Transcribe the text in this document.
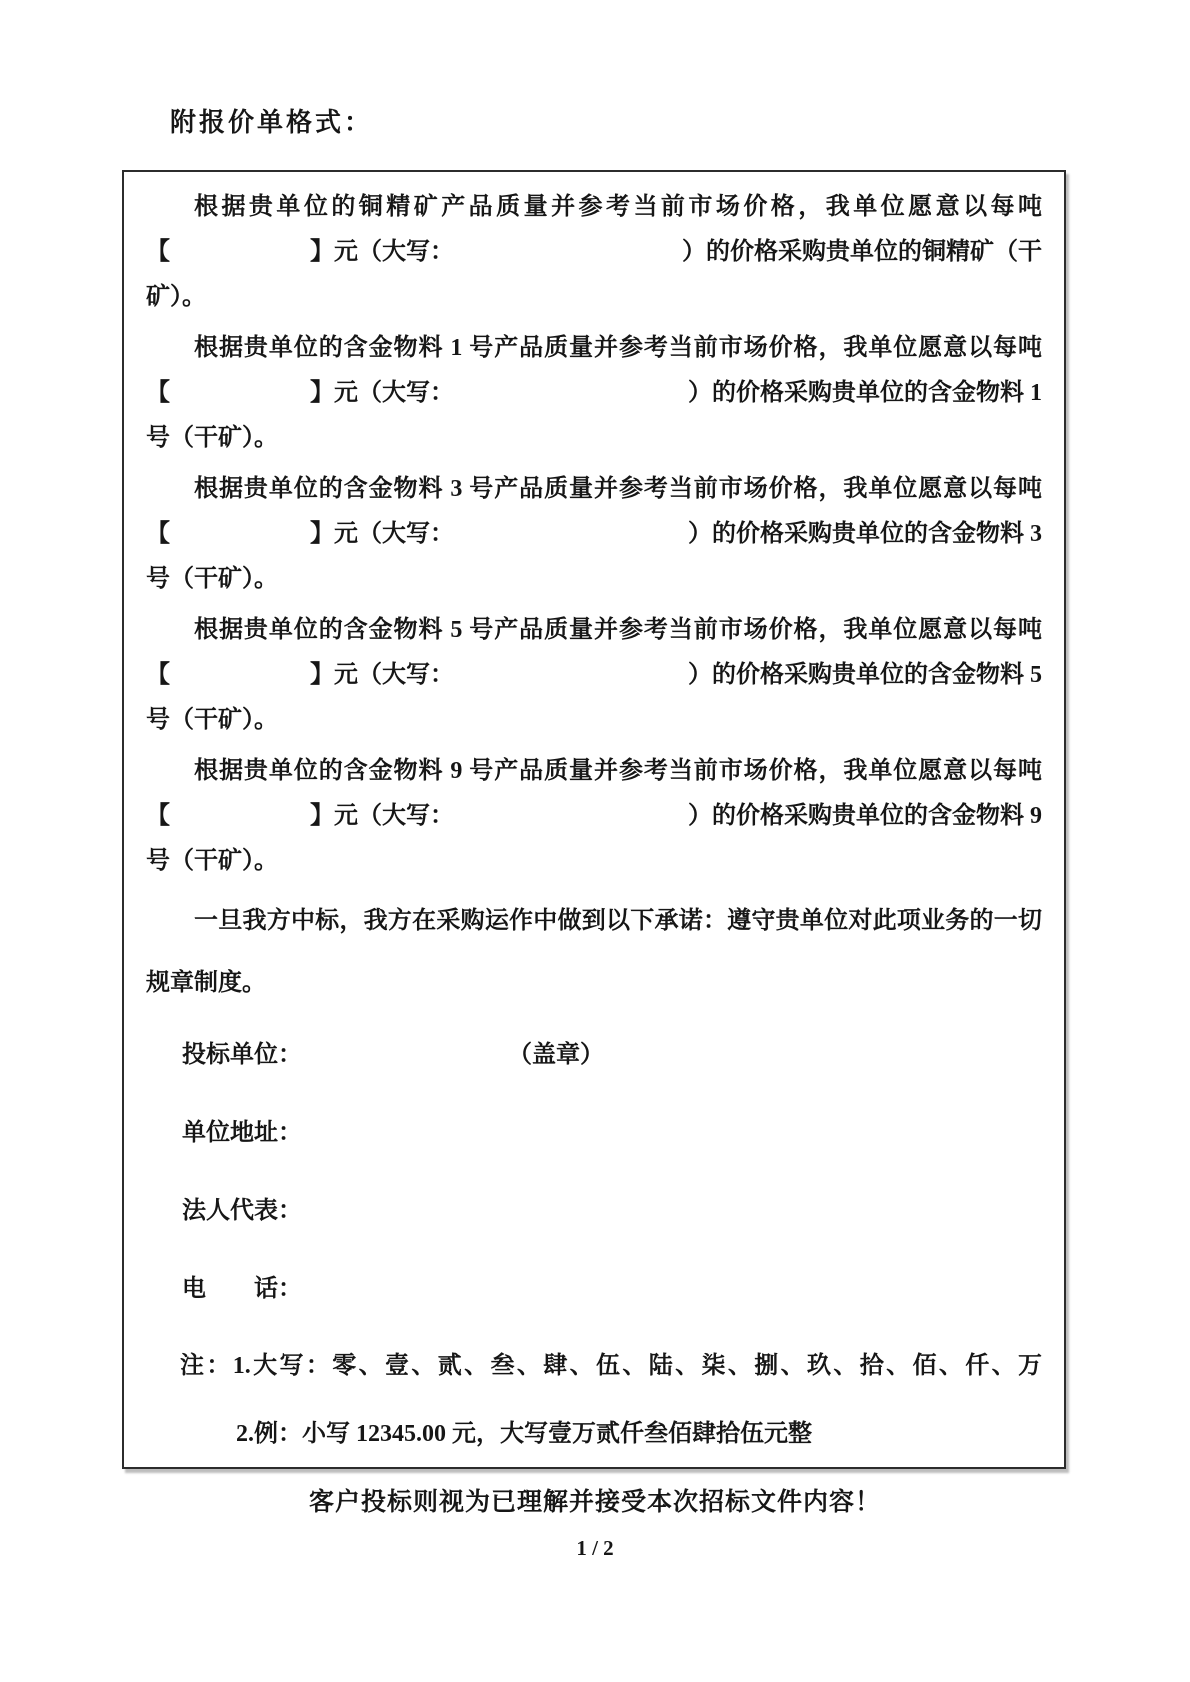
附报价单格式：
根据贵单位的铜精矿产品质量并参考当前市场价格，我单位愿意以每吨
【	】元（大写：	）的价格采购贵单位的铜精矿（干
矿）。
根据贵单位的含金物料 1 号产品质量并参考当前市场价格，我单位愿意以每吨
【	】元（大写：	）的价格采购贵单位的含金物料 1
号（干矿）。
根据贵单位的含金物料 3 号产品质量并参考当前市场价格，我单位愿意以每吨
【	】元（大写：	）的价格采购贵单位的含金物料 3
号（干矿）。
根据贵单位的含金物料 5 号产品质量并参考当前市场价格，我单位愿意以每吨
【	】元（大写：	）的价格采购贵单位的含金物料 5
号（干矿）。
根据贵单位的含金物料 9 号产品质量并参考当前市场价格，我单位愿意以每吨
【	】元（大写：	）的价格采购贵单位的含金物料 9
号（干矿）。
一旦我方中标，我方在采购运作中做到以下承诺：遵守贵单位对此项业务的一切
规章制度。
投标单位：	（盖章）
单位地址：
法人代表：
电　　话：
注：1.大写：零、壹、贰、叁、肆、伍、陆、柒、捌、玖、拾、佰、仟、万
2.例：小写 12345.00 元，大写壹万贰仟叁佰肆拾伍元整
客户投标则视为已理解并接受本次招标文件内容！
1 / 2
